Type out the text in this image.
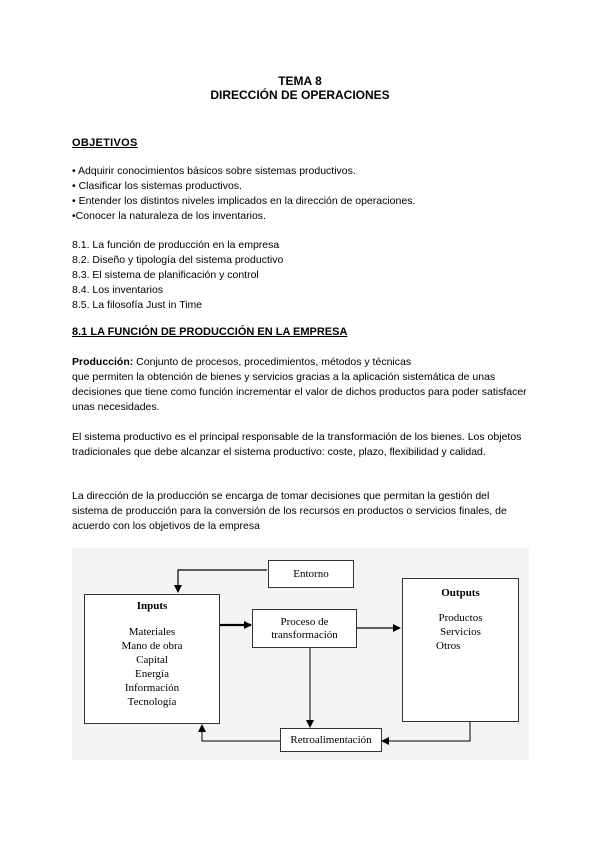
TEMA 8
DIRECCIÓN DE OPERACIONES
OBJETIVOS
• Adquirir conocimientos básicos sobre sistemas productivos.
• Clasificar los sistemas productivos.
• Entender los distintos niveles implicados en la dirección de operaciones.
•Conocer la naturaleza de los inventarios.
8.1. La función de producción en la empresa
8.2. Diseño y tipología del sistema productivo
8.3. El sistema de planificación y control
8.4. Los inventarios
8.5. La filosofía Just in Time
8.1 LA FUNCIÓN DE PRODUCCIÓN EN LA EMPRESA
Producción: Conjunto de procesos, procedimientos, métodos y técnicas
que permiten la obtención de bienes y servicios gracias a la aplicación sistemática de unas decisiones que tiene como función incrementar el valor de dichos productos para poder satisfacer unas necesidades.
El sistema productivo es el principal responsable de la transformación de los bienes. Los objetos tradicionales que debe alcanzar el sistema productivo: coste, plazo, flexibilidad y calidad.
La dirección de la producción se encarga de tomar decisiones que permitan la gestión del sistema de producción para la conversión de los recursos en productos o servicios finales, de acuerdo con los objetivos de la empresa
Entorno
Inputs
Materiales
Mano de obra
Capital
Energía
Información
Tecnología
Proceso de
transformación
Outputs
Productos
Servicios
Otros
Retroalimentación
